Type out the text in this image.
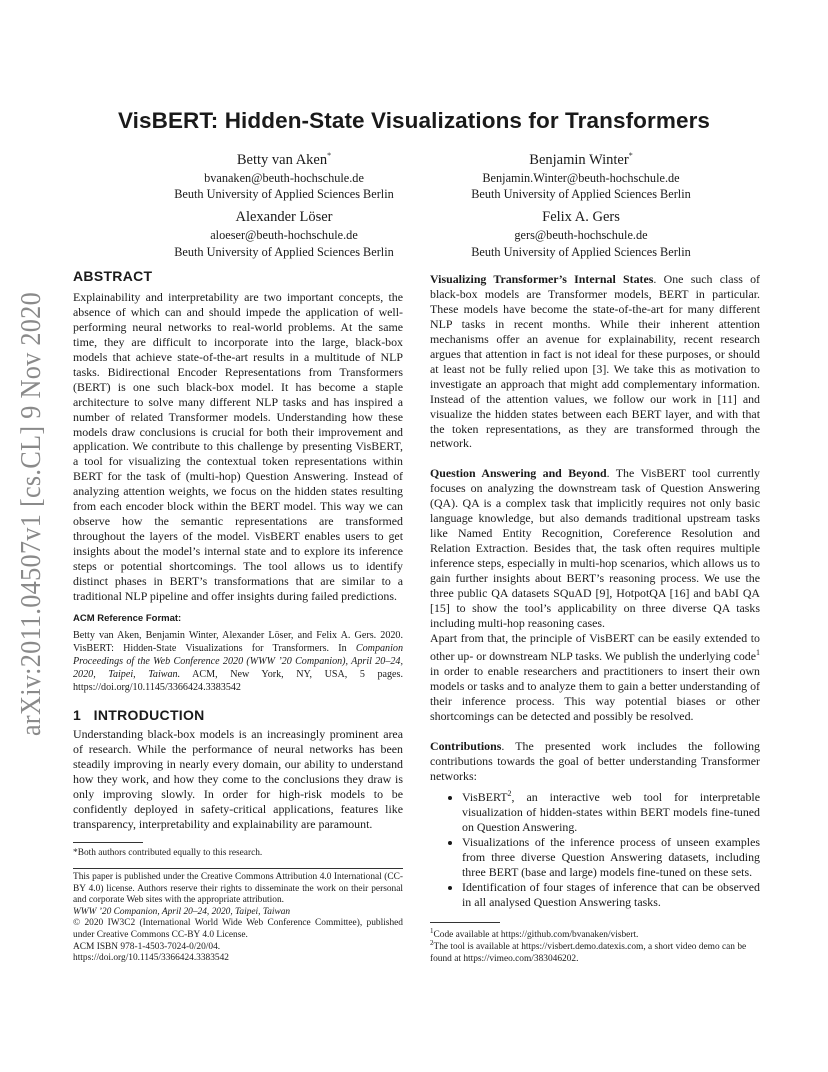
arXiv:2011.04507v1 [cs.CL] 9 Nov 2020
VisBERT: Hidden-State Visualizations for Transformers
Betty van Aken*
bvanaken@beuth-hochschule.de
Beuth University of Applied Sciences Berlin
Benjamin Winter*
Benjamin.Winter@beuth-hochschule.de
Beuth University of Applied Sciences Berlin
Alexander Löser
aloeser@beuth-hochschule.de
Beuth University of Applied Sciences Berlin
Felix A. Gers
gers@beuth-hochschule.de
Beuth University of Applied Sciences Berlin
ABSTRACT

Explainability and interpretability are two important concepts, the absence of which can and should impede the application of well-performing neural networks to real-world problems. At the same time, they are difficult to incorporate into the large, black-box models that achieve state-of-the-art results in a multitude of NLP tasks. Bidirectional Encoder Representations from Transformers (BERT) is one such black-box model. It has become a staple architecture to solve many different NLP tasks and has inspired a number of related Transformer models. Understanding how these models draw conclusions is crucial for both their improvement and application. We contribute to this challenge by presenting VisBERT, a tool for visualizing the contextual token representations within BERT for the task of (multi-hop) Question Answering. Instead of analyzing attention weights, we focus on the hidden states resulting from each encoder block within the BERT model. This way we can observe how the semantic representations are transformed throughout the layers of the model. VisBERT enables users to get insights about the model’s internal state and to explore its inference steps or potential shortcomings. The tool allows us to identify distinct phases in BERT’s transformations that are similar to a traditional NLP pipeline and offer insights during failed predictions.

ACM Reference Format:

Betty van Aken, Benjamin Winter, Alexander Löser, and Felix A. Gers. 2020. VisBERT: Hidden-State Visualizations for Transformers. In Companion Proceedings of the Web Conference 2020 (WWW ’20 Companion), April 20–24, 2020, Taipei, Taiwan. ACM, New York, NY, USA, 5 pages. https://doi.org/10.1145/3366424.3383542

1 INTRODUCTION

Understanding black-box models is an increasingly prominent area of research. While the performance of neural networks has been steadily improving in nearly every domain, our ability to understand how they work, and how they come to the conclusions they draw is only improving slowly. In order for high-risk models to be confidently deployed in safety-critical applications, features like transparency, interpretability and explainability are paramount.

*Both authors contributed equally to this research.
This paper is published under the Creative Commons Attribution 4.0 International (CC-BY 4.0) license. Authors reserve their rights to disseminate the work on their personal and corporate Web sites with the appropriate attribution.
WWW ’20 Companion, April 20–24, 2020, Taipei, Taiwan
© 2020 IW3C2 (International World Wide Web Conference Committee), published under Creative Commons CC-BY 4.0 License.
ACM ISBN 978-1-4503-7024-0/20/04.
https://doi.org/10.1145/3366424.3383542

Visualizing Transformer’s Internal States. One such class of black-box models are Transformer models, BERT in particular. These models have become the state-of-the-art for many different NLP tasks in recent months. While their inherent attention mechanisms offer an avenue for explainability, recent research argues that attention in fact is not ideal for these purposes, or should at least not be fully relied upon [3]. We take this as motivation to investigate an approach that might add complementary information. Instead of the attention values, we follow our work in [11] and visualize the hidden states between each BERT layer, and with that the token representations, as they are transformed through the network.

Question Answering and Beyond. The VisBERT tool currently focuses on analyzing the downstream task of Question Answering (QA). QA is a complex task that implicitly requires not only basic language knowledge, but also demands traditional upstream tasks like Named Entity Recognition, Coreference Resolution and Relation Extraction. Besides that, the task often requires multiple inference steps, especially in multi-hop scenarios, which allows us to gain further insights about BERT’s reasoning process. We use the three public QA datasets SQuAD [9], HotpotQA [16] and bAbI QA [15] to show the tool’s applicability on three diverse QA tasks including multi-hop reasoning cases.

Apart from that, the principle of VisBERT can be easily extended to other up- or downstream NLP tasks. We publish the underlying code$^1$ in order to enable researchers and practitioners to insert their own models or tasks and to analyze them to gain a better understanding of their inference process. This way potential biases or other shortcomings can be detected and possibly be resolved.

Contributions. The presented work includes the following contributions towards the goal of better understanding Transformer networks:

• VisBERT$^2$, an interactive web tool for interpretable visualization of hidden-states within BERT models fine-tuned on Question Answering.
• Visualizations of the inference process of unseen examples from three diverse Question Answering datasets, including three BERT (base and large) models fine-tuned on these sets.
• Identification of four stages of inference that can be observed in all analysed Question Answering tasks.
$^1$Code available at https://github.com/bvanaken/visbert.
$^2$The tool is available at https://visbert.demo.datexis.com, a short video demo can be found at https://vimeo.com/383046202.
